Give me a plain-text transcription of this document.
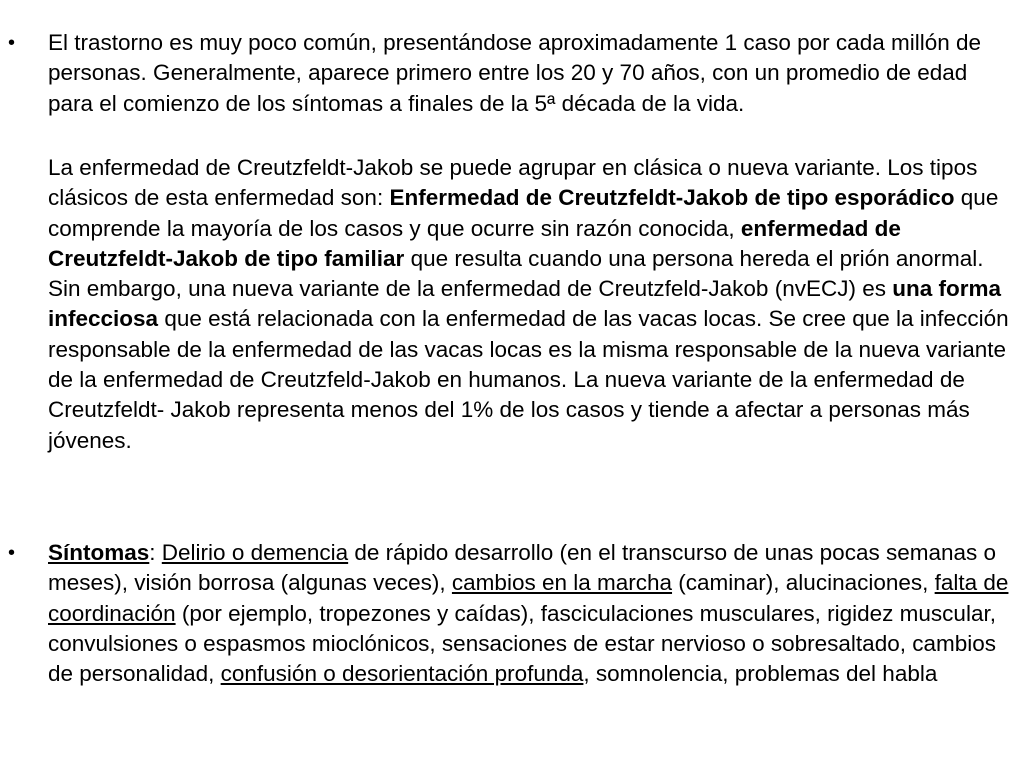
• El trastorno es muy poco común, presentándose aproximadamente 1 caso por cada millón de personas. Generalmente, aparece primero entre los 20 y 70 años, con un promedio de edad para el comienzo de los síntomas a finales de la 5ª década de la vida.

La enfermedad de Creutzfeldt-Jakob se puede agrupar en clásica o nueva variante. Los tipos clásicos de esta enfermedad son: Enfermedad de Creutzfeldt-Jakob de tipo esporádico que comprende la mayoría de los casos y que ocurre sin razón conocida, enfermedad de Creutzfeldt-Jakob de tipo familiar que resulta cuando una persona hereda el prión anormal. Sin embargo, una nueva variante de la enfermedad de Creutzfeld-Jakob (nvECJ) es una forma infecciosa que está relacionada con la enfermedad de las vacas locas. Se cree que la infección responsable de la enfermedad de las vacas locas es la misma responsable de la nueva variante de la enfermedad de Creutzfeld-Jakob en humanos. La nueva variante de la enfermedad de Creutzfeldt- Jakob representa menos del 1% de los casos y tiende a afectar a personas más jóvenes.

• Síntomas: Delirio o demencia de rápido desarrollo (en el transcurso de unas pocas semanas o meses), visión borrosa (algunas veces), cambios en la marcha (caminar), alucinaciones, falta de coordinación (por ejemplo, tropezones y caídas), fasciculaciones musculares, rigidez muscular, convulsiones o espasmos mioclónicos, sensaciones de estar nervioso o sobresaltado, cambios de personalidad, confusión o desorientación profunda, somnolencia, problemas del habla
